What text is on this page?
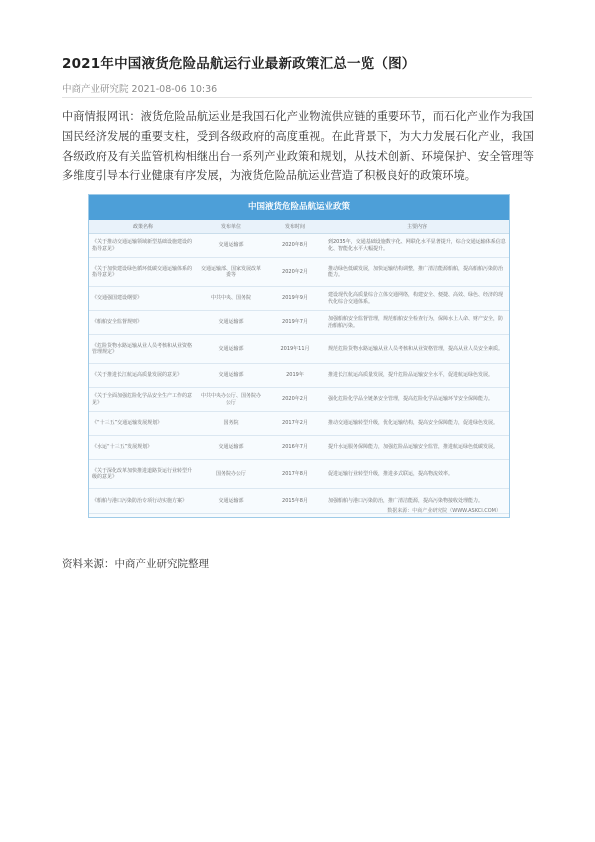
2021年中国液货危险品航运行业最新政策汇总一览（图）
中商产业研究院 2021-08-06 10:36
中商情报网讯：液货危险品航运业是我国石化产业物流供应链的重要环节，而石化产业作为我国国民经济发展的重要支柱，受到各级政府的高度重视。在此背景下，为大力发展石化产业，我国各级政府及有关监管机构相继出台一系列产业政策和规划，从技术创新、环境保护、安全管理等多维度引导本行业健康有序发展，为液货危险品航运业营造了积极良好的政策环境。
中国液货危险品航运业政策
政策名称	发布单位	发布时间	主要内容
《关于推动交通运输领域新型基础设施建设的指导意见》	交通运输部	2020年8月	到2035年，交通基础设施数字化、网联化水平显著提升，综合交通运输体系信息化、智能化水平大幅提升。
《关于加快建设绿色循环低碳交通运输体系的指导意见》	交通运输部、国家发展改革委等	2020年2月	推动绿色低碳发展，加快运输结构调整，推广清洁能源船舶，提高船舶污染防治能力。
《交通强国建设纲要》	中共中央、国务院	2019年9月	建设现代化高质量综合立体交通网络，构建安全、便捷、高效、绿色、经济的现代化综合交通体系。
《船舶安全监督规则》	交通运输部	2019年7月	加强船舶安全监督管理，规范船舶安全检查行为，保障水上人命、财产安全，防治船舶污染。
《危险货物水路运输从业人员考核和从业资格管理规定》	交通运输部	2019年11月	规范危险货物水路运输从业人员考核和从业资格管理，提高从业人员安全素质。
《关于推进长江航运高质量发展的意见》	交通运输部	2019年	推进长江航运高质量发展，提升危险品运输安全水平，促进航运绿色发展。
《关于全面加强危险化学品安全生产工作的意见》	中共中央办公厅、国务院办公厅	2020年2月	强化危险化学品全链条安全管理，提高危险化学品运输环节安全保障能力。
《“十三五”交通运输发展规划》	国务院	2017年2月	推动交通运输转型升级，优化运输结构，提高安全保障能力，促进绿色发展。
《水运“十三五”发展规划》	交通运输部	2016年7月	提升水运服务保障能力，加强危险品运输安全监管，推进航运绿色低碳发展。
《关于深化改革加快推进道路货运行业转型升级的意见》	国务院办公厅	2017年8月	促进运输行业转型升级，推进多式联运，提高物流效率。
《船舶与港口污染防治专项行动实施方案》	交通运输部	2015年8月	加强船舶与港口污染防治，推广清洁能源，提高污染物接收处理能力。
数据来源：中商产业研究院（WWW.ASKCI.COM）
资料来源：中商产业研究院整理
